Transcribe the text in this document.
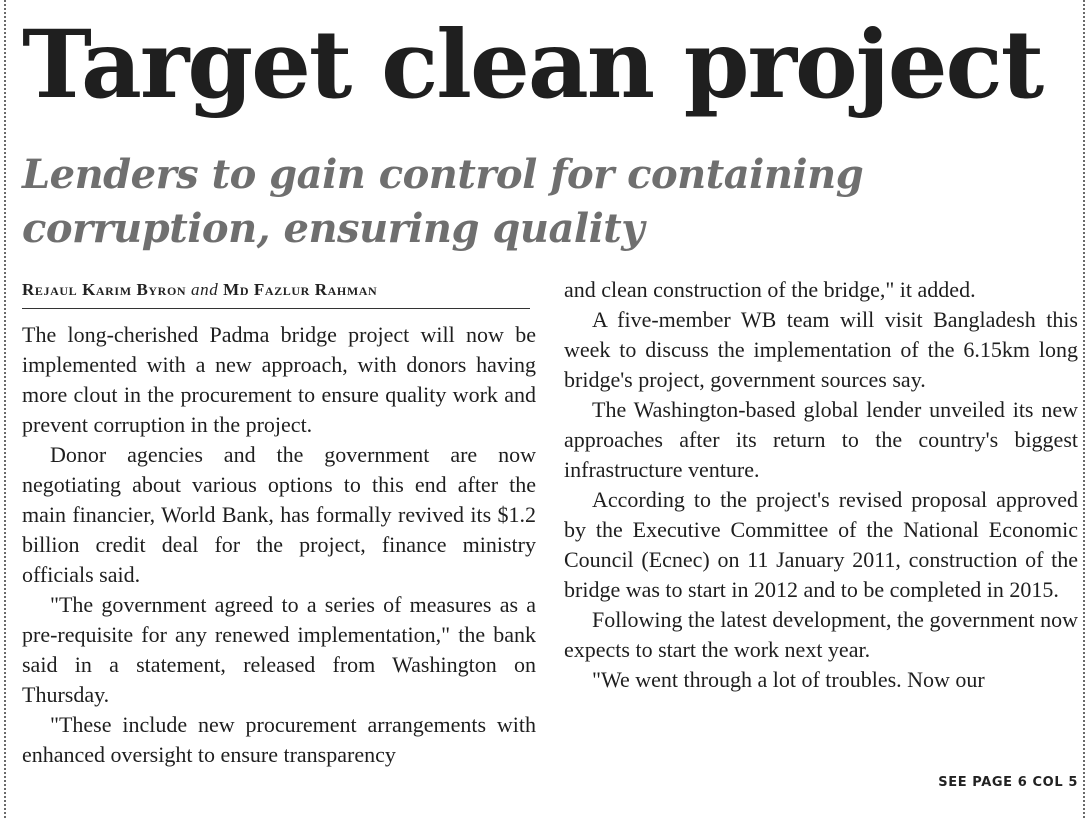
Target clean project
Lenders to gain control for containing corruption, ensuring quality
Rejaul Karim Byron and Md Fazlur Rahman

The long-cherished Padma bridge project will now be implemented with a new approach, with donors having more clout in the procurement to ensure quality work and prevent corruption in the project.

Donor agencies and the government are now negotiating about various options to this end after the main financier, World Bank, has formally revived its $1.2 billion credit deal for the project, finance ministry officials said.

"The government agreed to a series of measures as a pre-requisite for any renewed implementation," the bank said in a statement, released from Washington on Thursday.

"These include new procurement arrangements with enhanced oversight to ensure transparency

and clean construction of the bridge," it added.

A five-member WB team will visit Bangladesh this week to discuss the implementation of the 6.15km long bridge's project, government sources say.

The Washington-based global lender unveiled its new approaches after its return to the country's biggest infrastructure venture.

According to the project's revised proposal approved by the Executive Committee of the National Economic Council (Ecnec) on 11 January 2011, construction of the bridge was to start in 2012 and to be completed in 2015.

Following the latest development, the government now expects to start the work next year.

"We went through a lot of troubles. Now our

SEE PAGE 6 COL 5
